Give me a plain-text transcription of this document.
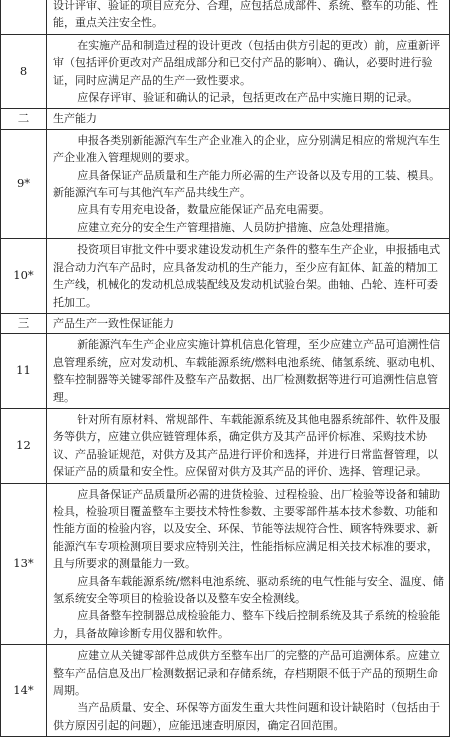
	设计评审、验证的项目应充分、合理，应包括总成部件、系统、整车的功能、性能，重点关注安全性。

8	在实施产品和制造过程的设计更改（包括由供方引起的更改）前，应重新评审（包括评价更改对产品组成部分和已交付产品的影响）、确认，必要时进行验证，同时应满足产品的生产一致性要求。

应保存评审、验证和确认的记录，包括更改在产品中实施日期的记录。

二	生产能力
9*	申报各类别新能源汽车生产企业准入的企业，应分别满足相应的常规汽车生产企业准入管理规则的要求。

应具备保证产品质量和生产能力所必需的生产设备以及专用的工装、模具。新能源汽车可与其他汽车产品共线生产。

应具有专用充电设备，数量应能保证产品充电需要。

应建立充分的安全生产管理措施、人员防护措施、应急处理措施。

10*	投资项目审批文件中要求建设发动机生产条件的整车生产企业，申报插电式混合动力汽车产品时，应具备发动机的生产能力，至少应有缸体、缸盖的精加工生产线，机械化的发动机总成装配线及发动机试验台架。曲轴、凸轮、连杆可委托加工。

三	产品生产一致性保证能力
11	新能源汽车生产企业应实施计算机信息化管理，至少应建立产品可追溯性信息管理系统，应对发动机、车载能源系统/燃料电池系统、储氢系统、驱动电机、整车控制器等关键零部件及整车产品数据、出厂检测数据等进行可追溯性信息管理。

12	针对所有原材料、常规部件、车载能源系统及其他电器系统部件、软件及服务等供方，应建立供应链管理体系，确定供方及其产品评价标准、采购技术协议、产品验证规范，对供方及其产品进行评价和选择，并进行日常监督管理，以保证产品的质量和安全性。应保留对供方及其产品的评价、选择、管理记录。

13*	应具备保证产品质量所必需的进货检验、过程检验、出厂检验等设备和辅助检具，检验项目覆盖整车主要技术特性参数、主要零部件基本技术参数、功能和性能方面的检验内容，以及安全、环保、节能等法规符合性、顾客特殊要求、新能源汽车专项检测项目要求应特别关注，性能指标应满足相关技术标准的要求，且与所要求的测量能力一致。

应具备车载能源系统/燃料电池系统、驱动系统的电气性能与安全、温度、储氢系统安全等项目的检验设备以及整车安全检测线。

应具备整车控制器总成检验能力、整车下线后控制系统及其子系统的检验能力，具备故障诊断专用仪器和软件。

14*	应建立从关键零部件总成供方至整车出厂的完整的产品可追溯体系。应建立整车产品信息及出厂检测数据记录和存储系统，存档期限不低于产品的预期生命周期。

当产品质量、安全、环保等方面发生重大共性问题和设计缺陷时（包括由于供方原因引起的问题），应能迅速查明原因，确定召回范围。
